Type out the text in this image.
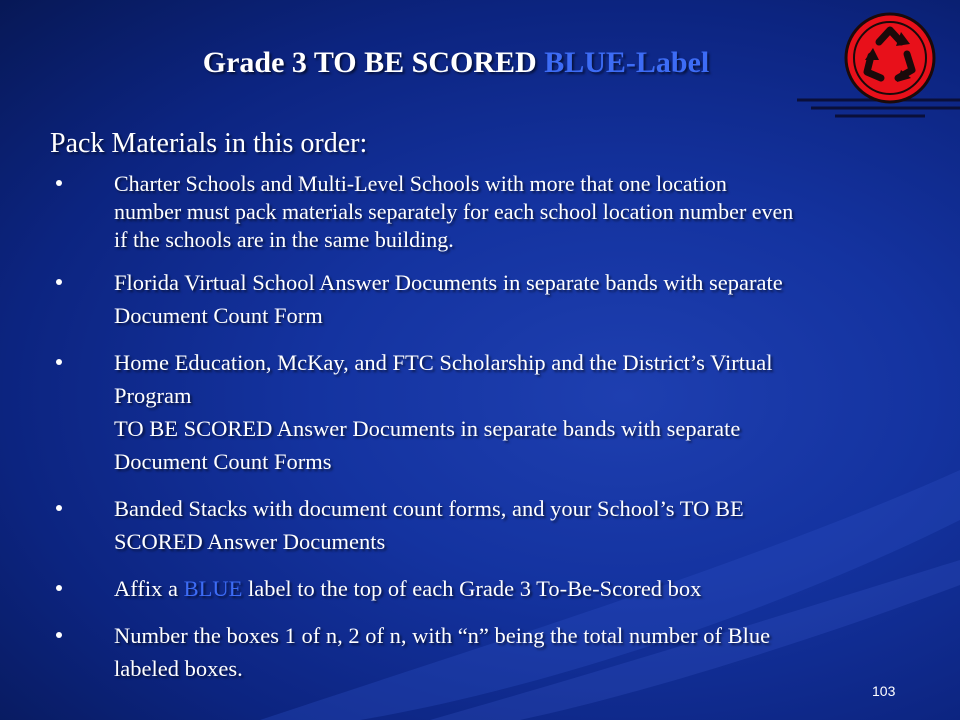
Grade 3 TO BE SCORED BLUE-Label
Pack Materials in this order:
Charter Schools and Multi-Level Schools with more that one location
number must pack materials separately for each school location number even
if the schools are in the same building.
Florida Virtual School Answer Documents in separate bands with separate
Document Count Form
Home Education, McKay, and FTC Scholarship and the District’s Virtual
Program
TO BE SCORED Answer Documents in separate bands with separate
Document Count Forms
Banded Stacks with document count forms, and your School’s TO BE
SCORED Answer Documents
Affix a BLUE label to the top of each Grade 3 To-Be-Scored box
Number the boxes 1 of n, 2 of n, with “n” being the total number of Blue
labeled boxes.
103
